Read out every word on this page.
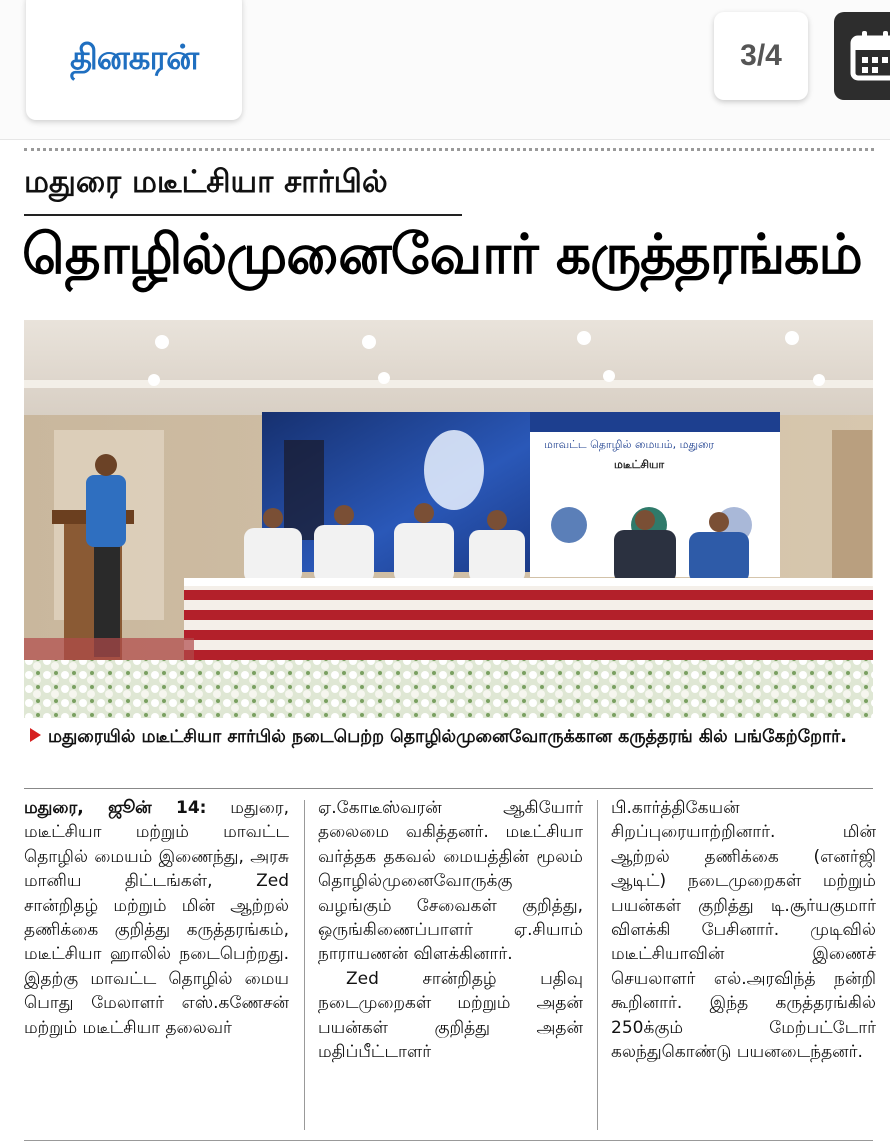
தினகரன்	3/4
மதுரை மடீட்சியா சார்பில்
தொழில்முனைவோர் கருத்தரங்கம்
மாவட்ட தொழில் மையம், மதுரை
மடீட்சியா
மதுரையில் மடீட்சியா சார்பில் நடைபெற்ற தொழில்முனைவோருக்கான கருத்தரங் கில் பங்கேற்றோர்.
மதுரை, ஜூன் 14: மதுரை, மடீட்சியா மற்றும் மாவட்ட தொழில் மையம் இணைந்து, அரசு மானிய திட்டங்கள், Zed சான்றிதழ் மற்றும் மின் ஆற்றல் தணிக்கை குறித்து கருத்தரங்கம், மடீட்சியா ஹாலில் நடைபெற்றது. இதற்கு மாவட்ட தொழில் மைய பொது மேலாளர் எஸ்.கணேசன் மற்றும் மடீட்சியா தலைவர்
ஏ.கோடீஸ்வரன் ஆகியோர் தலைமை வகித்தனர். மடீட்சியா வர்த்தக தகவல் மையத்தின் மூலம் தொழில்முனைவோருக்கு வழங்கும் சேவைகள் குறித்து, ஒருங்கிணைப்பாளர் ஏ.சியாம் நாராயணன் விளக்கினார்.
Zed சான்றிதழ் பதிவு நடைமுறைகள் மற்றும் அதன் பயன்கள் குறித்து அதன் மதிப்பீட்டாளர்
பி.கார்த்திகேயன் சிறப்புரையாற்றினார். மின் ஆற்றல் தணிக்கை (எனர்ஜி ஆடிட்) நடைமுறைகள் மற்றும் பயன்கள் குறித்து டி.சூர்யகுமார் விளக்கி பேசினார். முடிவில் மடீட்சியாவின் இணைச் செயலாளர் எல்.அரவிந்த் நன்றி கூறினார். இந்த கருத்தரங்கில் 250க்கும் மேற்பட்டோர் கலந்துகொண்டு பயனடைந்தனர்.
